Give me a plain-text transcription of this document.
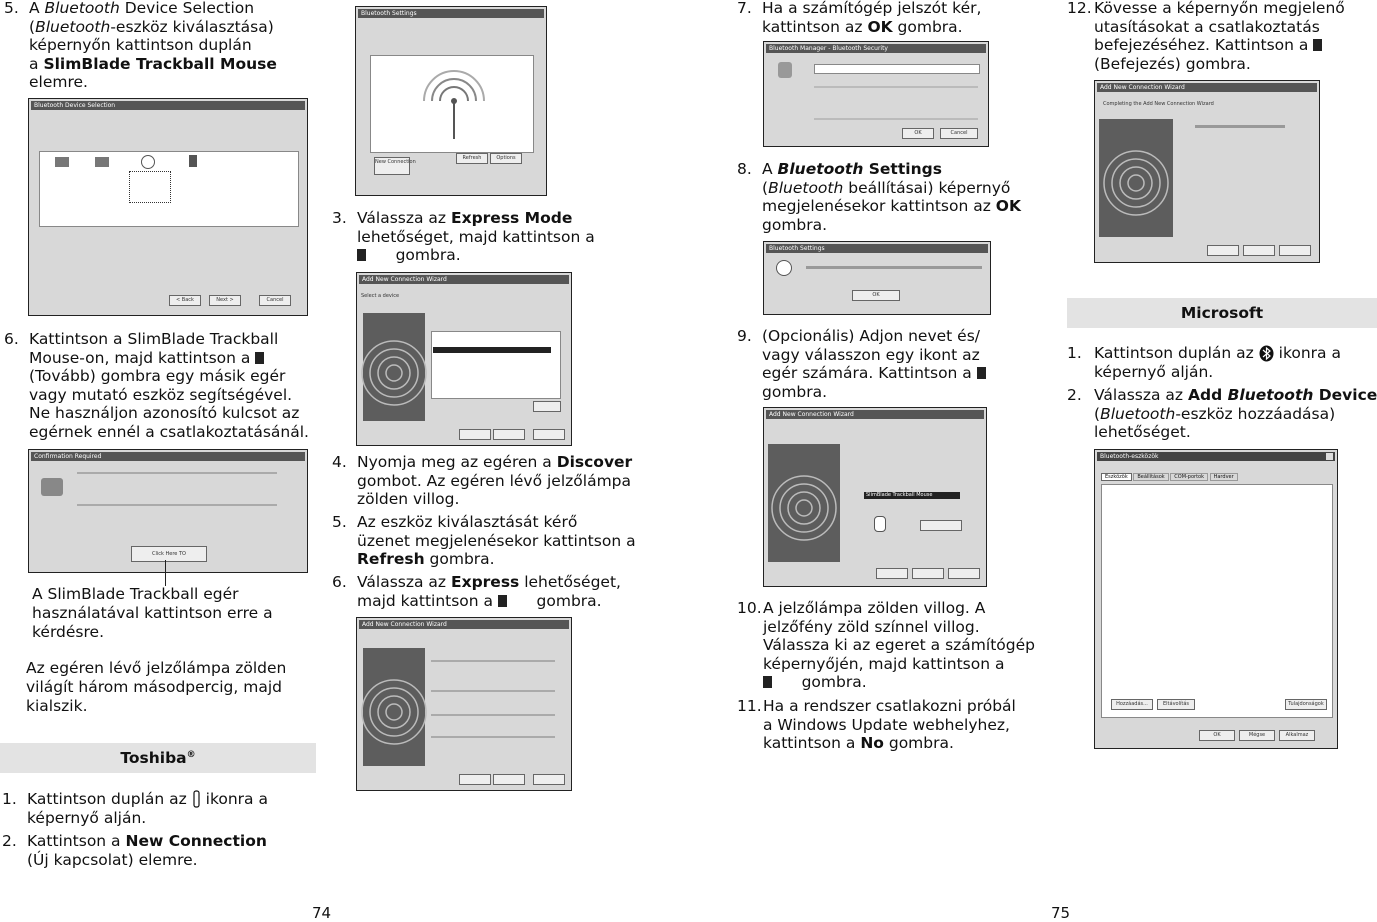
5. A Bluetooth Device Selection
(Bluetooth-eszköz kiválasztása)
képernyőn kattintson duplán
a SlimBlade Trackball Mouse
elemre.
Bluetooth Device Selection
< Back	Next >	Cancel
6. Kattintson a SlimBlade Trackball
Mouse-on, majd kattintson a
(Tovább) gombra egy másik egér
vagy mutató eszköz segítségével.
Ne használjon azonosító kulcsot az
egérnek ennél a csatlakoztatásánál.
Confirmation Required
Click Here TO
A SlimBlade Trackball egér
használatával kattintson erre a
kérdésre.
Az egéren lévő jelzőlámpa zölden
világít három másodpercig, majd
kialszik.
Toshiba®
1. Kattintson duplán az ikonra a
képernyő alján.
2. Kattintson a New Connection
(Új kapcsolat) elemre.
Bluetooth Settings
New Connection
Refresh	Options
3. Válassza az Express Mode
lehetőséget, majd kattintson a
gombra.
Add New Connection Wizard
Select a device
4. Nyomja meg az egéren a Discover
gombot. Az egéren lévő jelzőlámpa
zölden villog.
5. Az eszköz kiválasztását kérő
üzenet megjelenésekor kattintson a
Refresh gombra.
6. Válassza az Express lehetőséget,
majd kattintson a	gombra.
Add New Connection Wizard
74
7. Ha a számítógép jelszót kér,
kattintson az OK gombra.
Bluetooth Manager - Bluetooth Security
OK	Cancel
8. A Bluetooth Settings
(Bluetooth beállításai) képernyő
megjelenésekor kattintson az OK
gombra.
Bluetooth Settings
OK
9. (Opcionális) Adjon nevet és/
vagy válasszon egy ikont az
egér számára. Kattintson a
gombra.
Add New Connection Wizard
SlimBlade Trackball Mouse
10. A jelzőlámpa zölden villog. A
jelzőfény zöld színnel villog.
Válassza ki az egeret a számítógép
képernyőjén, majd kattintson a
gombra.
11. Ha a rendszer csatlakozni próbál
a Windows Update webhelyhez,
kattintson a No gombra.
12. Kövesse a képernyőn megjelenő
utasításokat a csatlakoztatás
befejezéséhez. Kattintson a
(Befejezés) gombra.
Add New Connection Wizard
Completing the Add New Connection Wizard
Microsoft
1. Kattintson duplán az ikonra a
képernyő alján.
2. Válassza az Add Bluetooth Device
(Bluetooth-eszköz hozzáadása)
lehetőséget.
Bluetooth-eszközök
Eszközök Beállítások COM-portok Hardver
Hozzáadás...	Eltávolítás	Tulajdonságok
OK	Mégse	Alkalmaz
75
